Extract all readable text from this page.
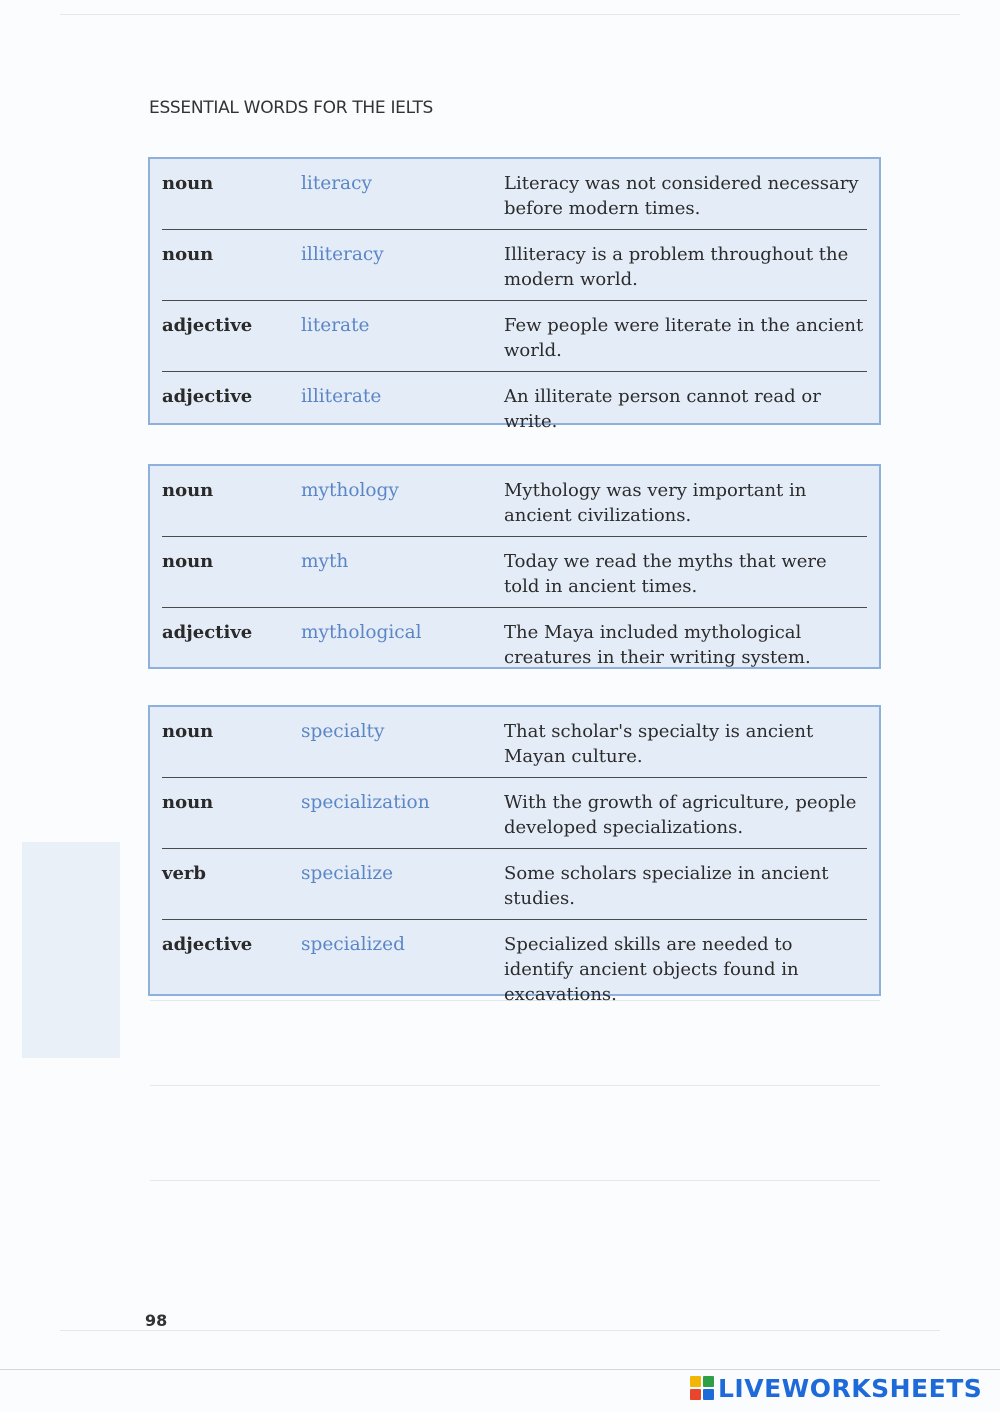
ESSENTIAL WORDS FOR THE IELTS
noun	literacy	Literacy was not considered necessary before modern times.
noun	illiteracy	Illiteracy is a problem throughout the modern world.
adjective	literate	Few people were literate in the ancient world.
adjective	illiterate	An illiterate person cannot read or write.
noun	mythology	Mythology was very important in ancient civilizations.
noun	myth	Today we read the myths that were told in ancient times.
adjective	mythological	The Maya included mythological creatures in their writing system.
noun	specialty	That scholar's specialty is ancient Mayan culture.
noun	specialization	With the growth of agriculture, people developed specializations.
verb	specialize	Some scholars specialize in ancient studies.
adjective	specialized	Specialized skills are needed to identify ancient objects found in excavations.
98
LIVEWORKSHEETS
